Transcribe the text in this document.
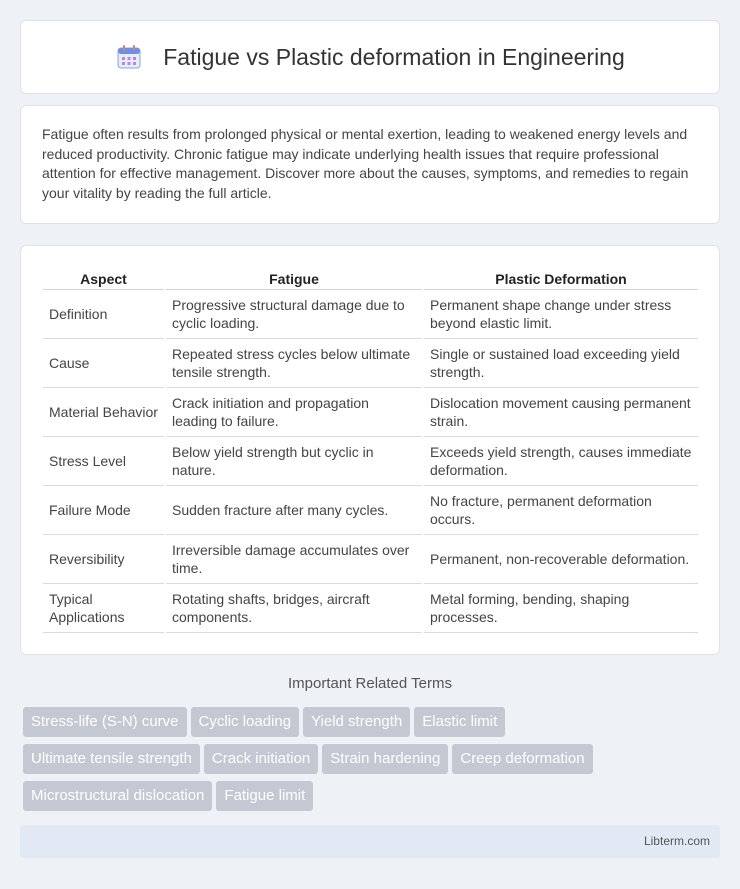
Fatigue vs Plastic deformation in Engineering

Fatigue often results from prolonged physical or mental exertion, leading to weakened energy levels and reduced productivity. Chronic fatigue may indicate underlying health issues that require professional attention for effective management. Discover more about the causes, symptoms, and remedies to regain your vitality by reading the full article.

Aspect	Fatigue	Plastic Deformation
Definition	Progressive structural damage due to cyclic loading.	Permanent shape change under stress beyond elastic limit.
Cause	Repeated stress cycles below ultimate tensile strength.	Single or sustained load exceeding yield strength.
Material Behavior	Crack initiation and propagation leading to failure.	Dislocation movement causing permanent strain.
Stress Level	Below yield strength but cyclic in nature.	Exceeds yield strength, causes immediate deformation.
Failure Mode	Sudden fracture after many cycles.	No fracture, permanent deformation occurs.
Reversibility	Irreversible damage accumulates over time.	Permanent, non-recoverable deformation.
Typical Applications	Rotating shafts, bridges, aircraft components.	Metal forming, bending, shaping processes.
Important Related Terms
Stress-life (S-N) curve Cyclic loading Yield strength Elastic limit
Ultimate tensile strength Crack initiation Strain hardening Creep deformation
Microstructural dislocation Fatigue limit
Libterm.com
